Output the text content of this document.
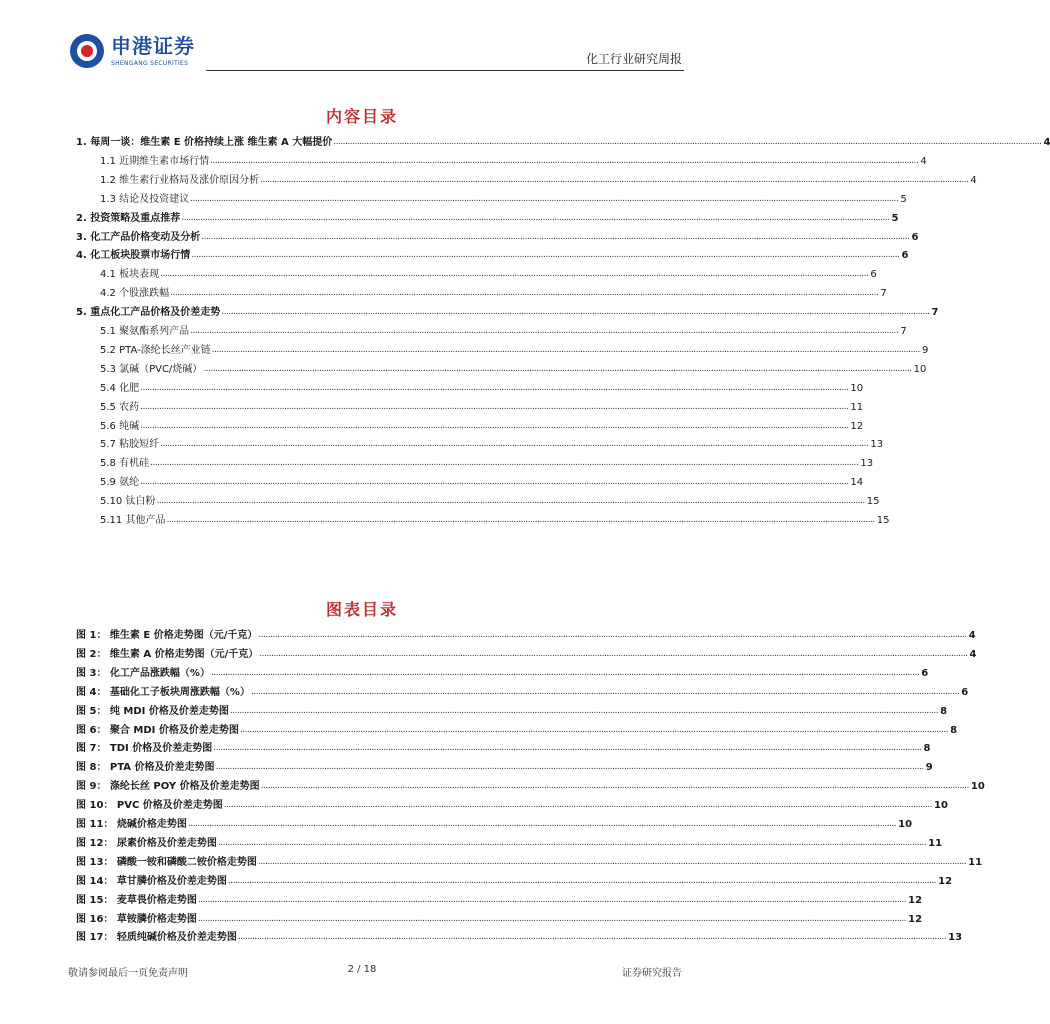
申港证券
SHENGANG SECURITIES	化工行业研究周报
内容目录
1. 每周一谈：维生素 E 价格持续上涨 维生素 A 大幅提价 ............................................................................................................................................................................................................................................................................................................ 4
1.1 近期维生素市场行情 ............................................................................................................................................................................................................................................................................................................ 4
1.2 维生素行业格局及涨价原因分析 ............................................................................................................................................................................................................................................................................................................ 4
1.3 结论及投资建议 ............................................................................................................................................................................................................................................................................................................ 5
2. 投资策略及重点推荐 ............................................................................................................................................................................................................................................................................................................ 5
3. 化工产品价格变动及分析 ............................................................................................................................................................................................................................................................................................................ 6
4. 化工板块股票市场行情 ............................................................................................................................................................................................................................................................................................................ 6
4.1 板块表现 ............................................................................................................................................................................................................................................................................................................ 6
4.2 个股涨跌幅 ............................................................................................................................................................................................................................................................................................................ 7
5. 重点化工产品价格及价差走势 ............................................................................................................................................................................................................................................................................................................ 7
5.1 聚氨酯系列产品 ............................................................................................................................................................................................................................................................................................................ 7
5.2 PTA-涤纶长丝产业链 ............................................................................................................................................................................................................................................................................................................ 9
5.3 氯碱（PVC/烧碱） ............................................................................................................................................................................................................................................................................................................ 10
5.4 化肥 ............................................................................................................................................................................................................................................................................................................ 10
5.5 农药 ............................................................................................................................................................................................................................................................................................................ 11
5.6 纯碱 ............................................................................................................................................................................................................................................................................................................ 12
5.7 粘胶短纤 ............................................................................................................................................................................................................................................................................................................ 13
5.8 有机硅 ............................................................................................................................................................................................................................................................................................................ 13
5.9 氨纶 ............................................................................................................................................................................................................................................................................................................ 14
5.10 钛白粉 ............................................................................................................................................................................................................................................................................................................ 15
5.11 其他产品 ............................................................................................................................................................................................................................................................................................................ 15
图表目录
图 1： 维生素 E 价格走势图（元/千克） ............................................................................................................................................................................................................................................................................................................ 4
图 2： 维生素 A 价格走势图（元/千克） ............................................................................................................................................................................................................................................................................................................ 4
图 3： 化工产品涨跌幅（%） ............................................................................................................................................................................................................................................................................................................ 6
图 4： 基础化工子板块周涨跌幅（%） ............................................................................................................................................................................................................................................................................................................ 6
图 5： 纯 MDI 价格及价差走势图 ............................................................................................................................................................................................................................................................................................................ 8
图 6： 聚合 MDI 价格及价差走势图 ............................................................................................................................................................................................................................................................................................................ 8
图 7： TDI 价格及价差走势图 ............................................................................................................................................................................................................................................................................................................ 8
图 8： PTA 价格及价差走势图 ............................................................................................................................................................................................................................................................................................................ 9
图 9： 涤纶长丝 POY 价格及价差走势图 ............................................................................................................................................................................................................................................................................................................ 10
图 10： PVC 价格及价差走势图 ............................................................................................................................................................................................................................................................................................................ 10
图 11： 烧碱价格走势图 ............................................................................................................................................................................................................................................................................................................ 10
图 12： 尿素价格及价差走势图 ............................................................................................................................................................................................................................................................................................................ 11
图 13： 磷酸一铵和磷酸二铵价格走势图 ............................................................................................................................................................................................................................................................................................................ 11
图 14： 草甘膦价格及价差走势图 ............................................................................................................................................................................................................................................................................................................ 12
图 15： 麦草畏价格走势图 ............................................................................................................................................................................................................................................................................................................ 12
图 16： 草铵膦价格走势图 ............................................................................................................................................................................................................................................................................................................ 12
图 17： 轻质纯碱价格及价差走势图 ............................................................................................................................................................................................................................................................................................................ 13
敬请参阅最后一页免责声明	2 / 18	证券研究报告
